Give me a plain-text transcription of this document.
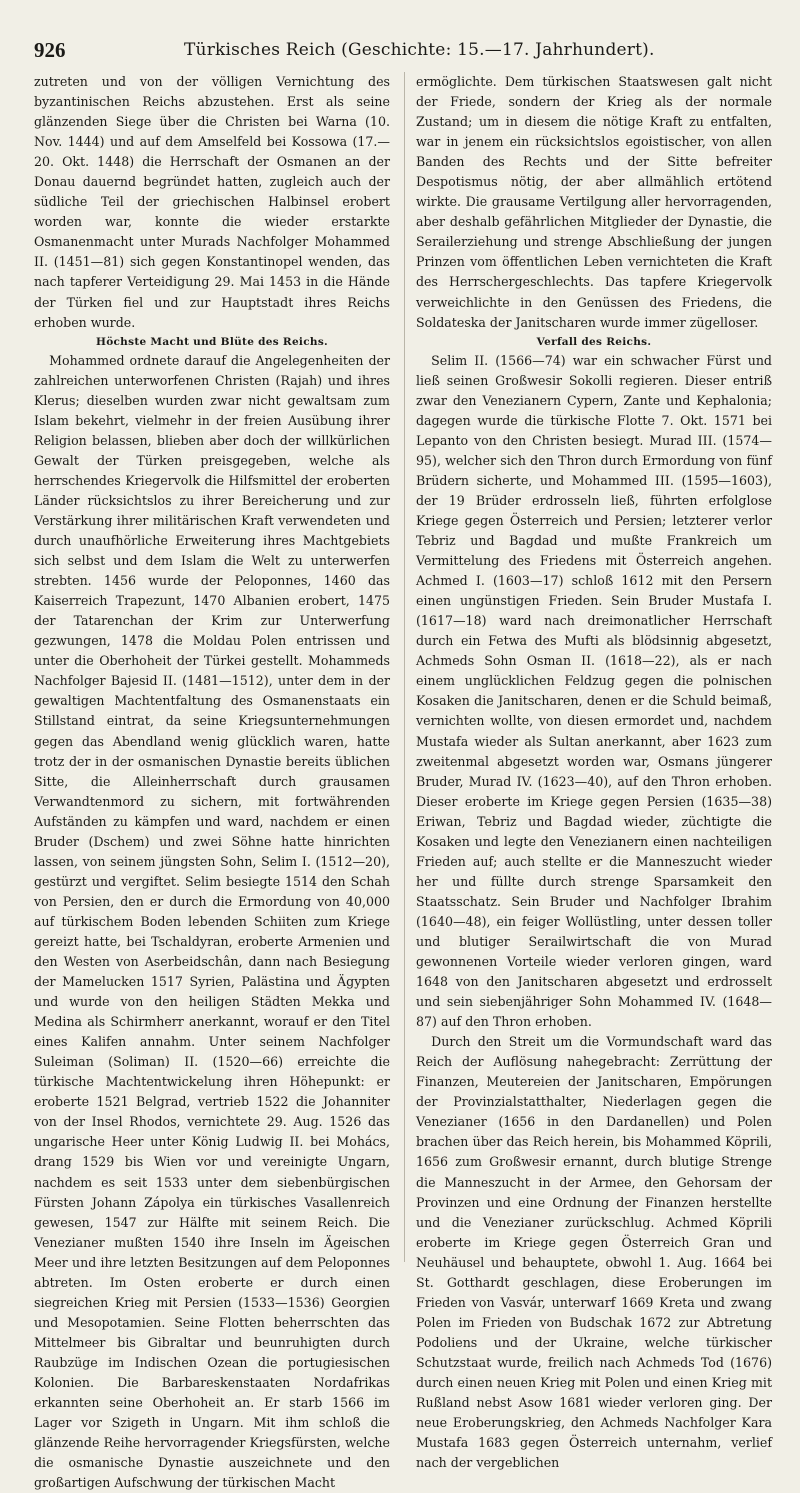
926	Türkisches Reich (Geschichte: 15.—17. Jahrhundert).

zutreten und von der völligen Vernichtung des byzantinischen Reichs abzustehen. Erst als seine glänzenden Siege über die Christen bei Warna (10. Nov. 1444) und auf dem Amselfeld bei Kossowa (17.—20. Okt. 1448) die Herrschaft der Osmanen an der Donau dauernd begründet hatten, zugleich auch der südliche Teil der griechischen Halbinsel erobert worden war, konnte die wieder erstarkte Osmanenmacht unter Murads Nachfolger Mohammed II. (1451—81) sich gegen Konstantinopel wenden, das nach tapferer Verteidigung 29. Mai 1453 in die Hände der Türken fiel und zur Hauptstadt ihres Reichs erhoben wurde.

Höchste Macht und Blüte des Reichs.

Mohammed ordnete darauf die Angelegenheiten der zahlreichen unterworfenen Christen (Rajah) und ihres Klerus; dieselben wurden zwar nicht gewaltsam zum Islam bekehrt, vielmehr in der freien Ausübung ihrer Religion belassen, blieben aber doch der willkürlichen Gewalt der Türken preisgegeben, welche als herrschendes Kriegervolk die Hilfsmittel der eroberten Länder rücksichtslos zu ihrer Bereicherung und zur Verstärkung ihrer militärischen Kraft verwendeten und durch unaufhörliche Erweiterung ihres Machtgebiets sich selbst und dem Islam die Welt zu unterwerfen strebten. 1456 wurde der Peloponnes, 1460 das Kaiserreich Trapezunt, 1470 Albanien erobert, 1475 der Tatarenchan der Krim zur Unterwerfung gezwungen, 1478 die Moldau Polen entrissen und unter die Oberhoheit der Türkei gestellt. Mohammeds Nachfolger Bajesid II. (1481—1512), unter dem in der gewaltigen Machtentfaltung des Osmanenstaats ein Stillstand eintrat, da seine Kriegsunternehmungen gegen das Abendland wenig glücklich waren, hatte trotz der in der osmanischen Dynastie bereits üblichen Sitte, die Alleinherrschaft durch grausamen Verwandtenmord zu sichern, mit fortwährenden Aufständen zu kämpfen und ward, nachdem er einen Bruder (Dschem) und zwei Söhne hatte hinrichten lassen, von seinem jüngsten Sohn, Selim I. (1512—20), gestürzt und vergiftet. Selim besiegte 1514 den Schah von Persien, den er durch die Ermordung von 40,000 auf türkischem Boden lebenden Schiiten zum Kriege gereizt hatte, bei Tschaldyran, eroberte Armenien und den Westen von Aserbeidschân, dann nach Besiegung der Mamelucken 1517 Syrien, Palästina und Ägypten und wurde von den heiligen Städten Mekka und Medina als Schirmherr anerkannt, worauf er den Titel eines Kalifen annahm. Unter seinem Nachfolger Suleiman (Soliman) II. (1520—66) erreichte die türkische Machtentwickelung ihren Höhepunkt: er eroberte 1521 Belgrad, vertrieb 1522 die Johanniter von der Insel Rhodos, vernichtete 29. Aug. 1526 das ungarische Heer unter König Ludwig II. bei Mohács, drang 1529 bis Wien vor und vereinigte Ungarn, nachdem es seit 1533 unter dem siebenbürgischen Fürsten Johann Zápolya ein türkisches Vasallenreich gewesen, 1547 zur Hälfte mit seinem Reich. Die Venezianer mußten 1540 ihre Inseln im Ägeischen Meer und ihre letzten Besitzungen auf dem Peloponnes abtreten. Im Osten eroberte er durch einen siegreichen Krieg mit Persien (1533—1536) Georgien und Mesopotamien. Seine Flotten beherrschten das Mittelmeer bis Gibraltar und beunruhigten durch Raubzüge im Indischen Ozean die portugiesischen Kolonien. Die Barbareskenstaaten Nordafrikas erkannten seine Oberhoheit an. Er starb 1566 im Lager vor Szigeth in Ungarn. Mit ihm schloß die glänzende Reihe hervorragender Kriegsfürsten, welche die osmanische Dynastie auszeichnete und den großartigen Aufschwung der türkischen Macht

ermöglichte. Dem türkischen Staatswesen galt nicht der Friede, sondern der Krieg als der normale Zustand; um in diesem die nötige Kraft zu entfalten, war in jenem ein rücksichtslos egoistischer, von allen Banden des Rechts und der Sitte befreiter Despotismus nötig, der aber allmählich ertötend wirkte. Die grausame Vertilgung aller hervorragenden, aber deshalb gefährlichen Mitglieder der Dynastie, die Serailerziehung und strenge Abschließung der jungen Prinzen vom öffentlichen Leben vernichteten die Kraft des Herrschergeschlechts. Das tapfere Kriegervolk verweichlichte in den Genüssen des Friedens, die Soldateska der Janitscharen wurde immer zügelloser.

Verfall des Reichs.

Selim II. (1566—74) war ein schwacher Fürst und ließ seinen Großwesir Sokolli regieren. Dieser entriß zwar den Venezianern Cypern, Zante und Kephalonia; dagegen wurde die türkische Flotte 7. Okt. 1571 bei Lepanto von den Christen besiegt. Murad III. (1574—95), welcher sich den Thron durch Ermordung von fünf Brüdern sicherte, und Mohammed III. (1595—1603), der 19 Brüder erdrosseln ließ, führten erfolglose Kriege gegen Österreich und Persien; letzterer verlor Tebriz und Bagdad und mußte Frankreich um Vermittelung des Friedens mit Österreich angehen. Achmed I. (1603—17) schloß 1612 mit den Persern einen ungünstigen Frieden. Sein Bruder Mustafa I. (1617—18) ward nach dreimonatlicher Herrschaft durch ein Fetwa des Mufti als blödsinnig abgesetzt, Achmeds Sohn Osman II. (1618—22), als er nach einem unglücklichen Feldzug gegen die polnischen Kosaken die Janitscharen, denen er die Schuld beimaß, vernichten wollte, von diesen ermordet und, nachdem Mustafa wieder als Sultan anerkannt, aber 1623 zum zweitenmal abgesetzt worden war, Osmans jüngerer Bruder, Murad IV. (1623—40), auf den Thron erhoben. Dieser eroberte im Kriege gegen Persien (1635—38) Eriwan, Tebriz und Bagdad wieder, züchtigte die Kosaken und legte den Venezianern einen nachteiligen Frieden auf; auch stellte er die Manneszucht wieder her und füllte durch strenge Sparsamkeit den Staatsschatz. Sein Bruder und Nachfolger Ibrahim (1640—48), ein feiger Wollüstling, unter dessen toller und blutiger Serailwirtschaft die von Murad gewonnenen Vorteile wieder verloren gingen, ward 1648 von den Janitscharen abgesetzt und erdrosselt und sein siebenjähriger Sohn Mohammed IV. (1648—87) auf den Thron erhoben.

Durch den Streit um die Vormundschaft ward das Reich der Auflösung nahegebracht: Zerrüttung der Finanzen, Meutereien der Janitscharen, Empörungen der Provinzialstatthalter, Niederlagen gegen die Venezianer (1656 in den Dardanellen) und Polen brachen über das Reich herein, bis Mohammed Köprili, 1656 zum Großwesir ernannt, durch blutige Strenge die Manneszucht in der Armee, den Gehorsam der Provinzen und eine Ordnung der Finanzen herstellte und die Venezianer zurückschlug. Achmed Köprili eroberte im Kriege gegen Österreich Gran und Neuhäusel und behauptete, obwohl 1. Aug. 1664 bei St. Gotthardt geschlagen, diese Eroberungen im Frieden von Vasvár, unterwarf 1669 Kreta und zwang Polen im Frieden von Budschak 1672 zur Abtretung Podoliens und der Ukraine, welche türkischer Schutzstaat wurde, freilich nach Achmeds Tod (1676) durch einen neuen Krieg mit Polen und einen Krieg mit Rußland nebst Asow 1681 wieder verloren ging. Der neue Eroberungskrieg, den Achmeds Nachfolger Kara Mustafa 1683 gegen Österreich unternahm, verlief nach der vergeblichen
